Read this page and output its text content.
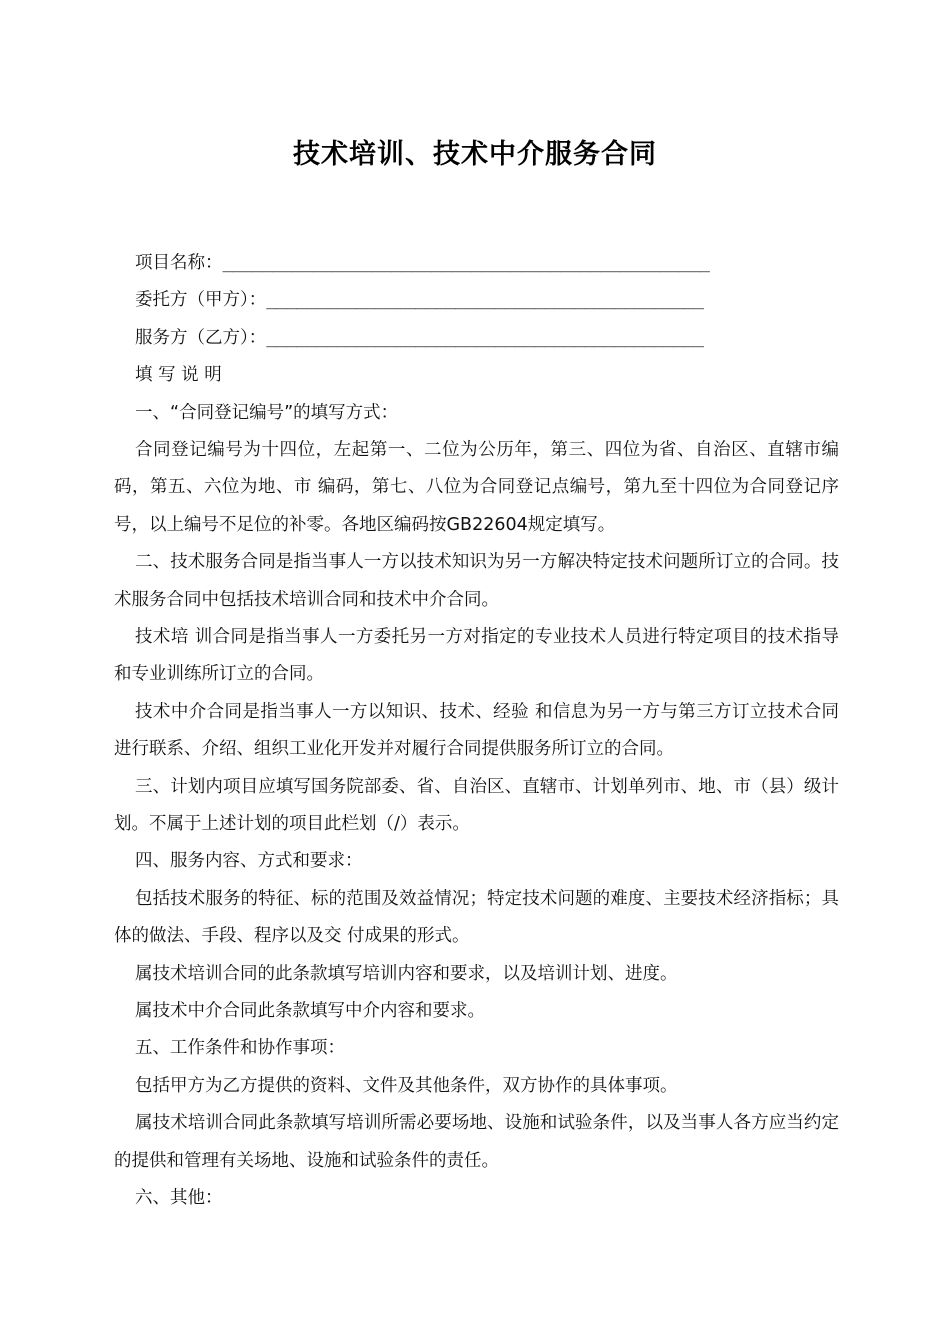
技术培训、技术中介服务合同
项目名称：_________________________________________________
委托方（甲方）：____________________________________________
服务方（乙方）：____________________________________________
填 写 说 明
一、“合同登记编号”的填写方式：
合同登记编号为十四位，左起第一、二位为公历年，第三、四位为省、自治区、直辖市编码，第五、六位为地、市 编码，第七、八位为合同登记点编号，第九至十四位为合同登记序号，以上编号不足位的补零。各地区编码按GB22604规定填写。
二、技术服务合同是指当事人一方以技术知识为另一方解决特定技术问题所订立的合同。技术服务合同中包括技术培训合同和技术中介合同。
技术培 训合同是指当事人一方委托另一方对指定的专业技术人员进行特定项目的技术指导和专业训练所订立的合同。
技术中介合同是指当事人一方以知识、技术、经验 和信息为另一方与第三方订立技术合同进行联系、介绍、组织工业化开发并对履行合同提供服务所订立的合同。
三、计划内项目应填写国务院部委、省、自治区、直辖市、计划单列市、地、市（县）级计划。不属于上述计划的项目此栏划（/）表示。
四、服务内容、方式和要求：
包括技术服务的特征、标的范围及效益情况；特定技术问题的难度、主要技术经济指标；具体的做法、手段、程序以及交 付成果的形式。
属技术培训合同的此条款填写培训内容和要求，以及培训计划、进度。
属技术中介合同此条款填写中介内容和要求。
五、工作条件和协作事项：
包括甲方为乙方提供的资料、文件及其他条件，双方协作的具体事项。
属技术培训合同此条款填写培训所需必要场地、设施和试验条件，以及当事人各方应当约定的提供和管理有关场地、设施和试验条件的责任。
六、其他：
